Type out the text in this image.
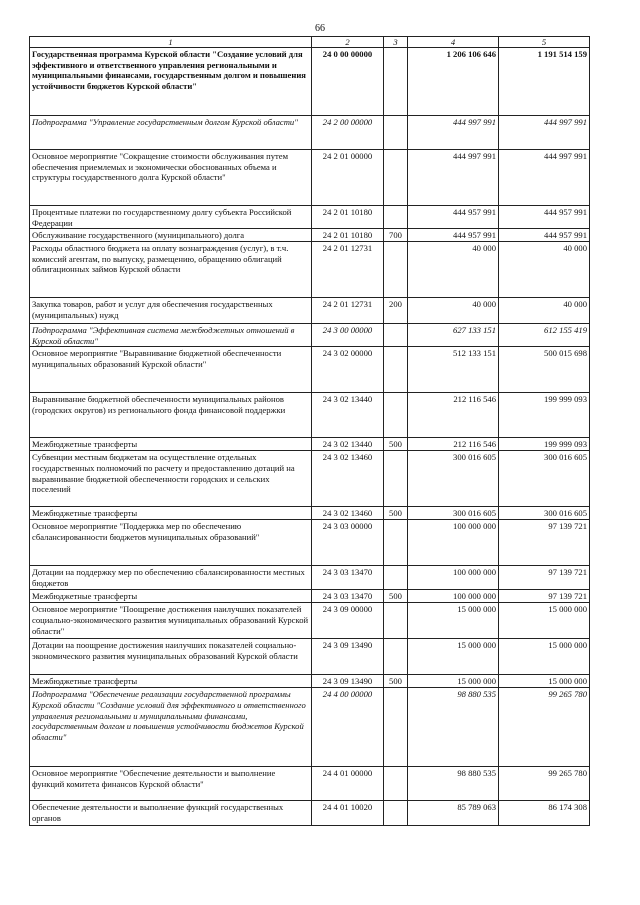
66
1	2	3	4	5
Государственная программа Курской области "Создание условий для эффективного и ответственного управления региональными и муниципальными финансами, государственным долгом и повышения устойчивости бюджетов Курской области"	24 0 00 00000		1 206 106 646	1 191 514 159
Подпрограмма "Управление государственным долгом Курской области"	24 2 00 00000		444 997 991	444 997 991
Основное мероприятие "Сокращение стоимости обслуживания путем обеспечения приемлемых и экономически обоснованных объема и структуры государственного долга Курской области"	24 2 01 00000		444 997 991	444 997 991
Процентные платежи по государственному долгу субъекта Российской Федерации	24 2 01 10180		444 957 991	444 957 991
Обслуживание государственного (муниципального) долга	24 2 01 10180	700	444 957 991	444 957 991
Расходы областного бюджета на оплату вознаграждения (услуг), в т.ч. комиссий агентам, по выпуску, размещению, обращению облигаций облигационных займов Курской области	24 2 01 12731		40 000	40 000
Закупка товаров, работ и услуг для обеспечения государственных (муниципальных) нужд	24 2 01 12731	200	40 000	40 000
Подпрограмма "Эффективная система межбюджетных отношений в Курской области"	24 3 00 00000		627 133 151	612 155 419
Основное мероприятие "Выравнивание бюджетной обеспеченности муниципальных образований Курской области"	24 3 02 00000		512 133 151	500 015 698
Выравнивание бюджетной обеспеченности муниципальных районов (городских округов) из регионального фонда финансовой поддержки	24 3 02 13440		212 116 546	199 999 093
Межбюджетные трансферты	24 3 02 13440	500	212 116 546	199 999 093
Субвенции местным бюджетам на осуществление отдельных государственных полномочий по расчету и предоставлению дотаций на выравнивание бюджетной обеспеченности городских и сельских поселений	24 3 02 13460		300 016 605	300 016 605
Межбюджетные трансферты	24 3 02 13460	500	300 016 605	300 016 605
Основное мероприятие "Поддержка мер по обеспечению сбалансированности бюджетов муниципальных образований"	24 3 03 00000		100 000 000	97 139 721
Дотации на поддержку мер по обеспечению сбалансированности местных бюджетов	24 3 03 13470		100 000 000	97 139 721
Межбюджетные трансферты	24 3 03 13470	500	100 000 000	97 139 721
Основное мероприятие "Поощрение достижения наилучших показателей социально-экономического развития муниципальных образований Курской области"	24 3 09 00000		15 000 000	15 000 000
Дотации на поощрение достижения наилучших показателей социально-экономического развития муниципальных образований Курской области	24 3 09 13490		15 000 000	15 000 000
Межбюджетные трансферты	24 3 09 13490	500	15 000 000	15 000 000
Подпрограмма "Обеспечение реализации государственной программы Курской области "Создание условий для эффективного и ответственного управления региональными и муниципальными финансами, государственным долгом и повышения устойчивости бюджетов Курской области"	24 4 00 00000		98 880 535	99 265 780
Основное мероприятие "Обеспечение деятельности и выполнение функций комитета финансов Курской области"	24 4 01 00000		98 880 535	99 265 780
Обеспечение деятельности и выполнение функций государственных органов	24 4 01 10020		85 789 063	86 174 308
